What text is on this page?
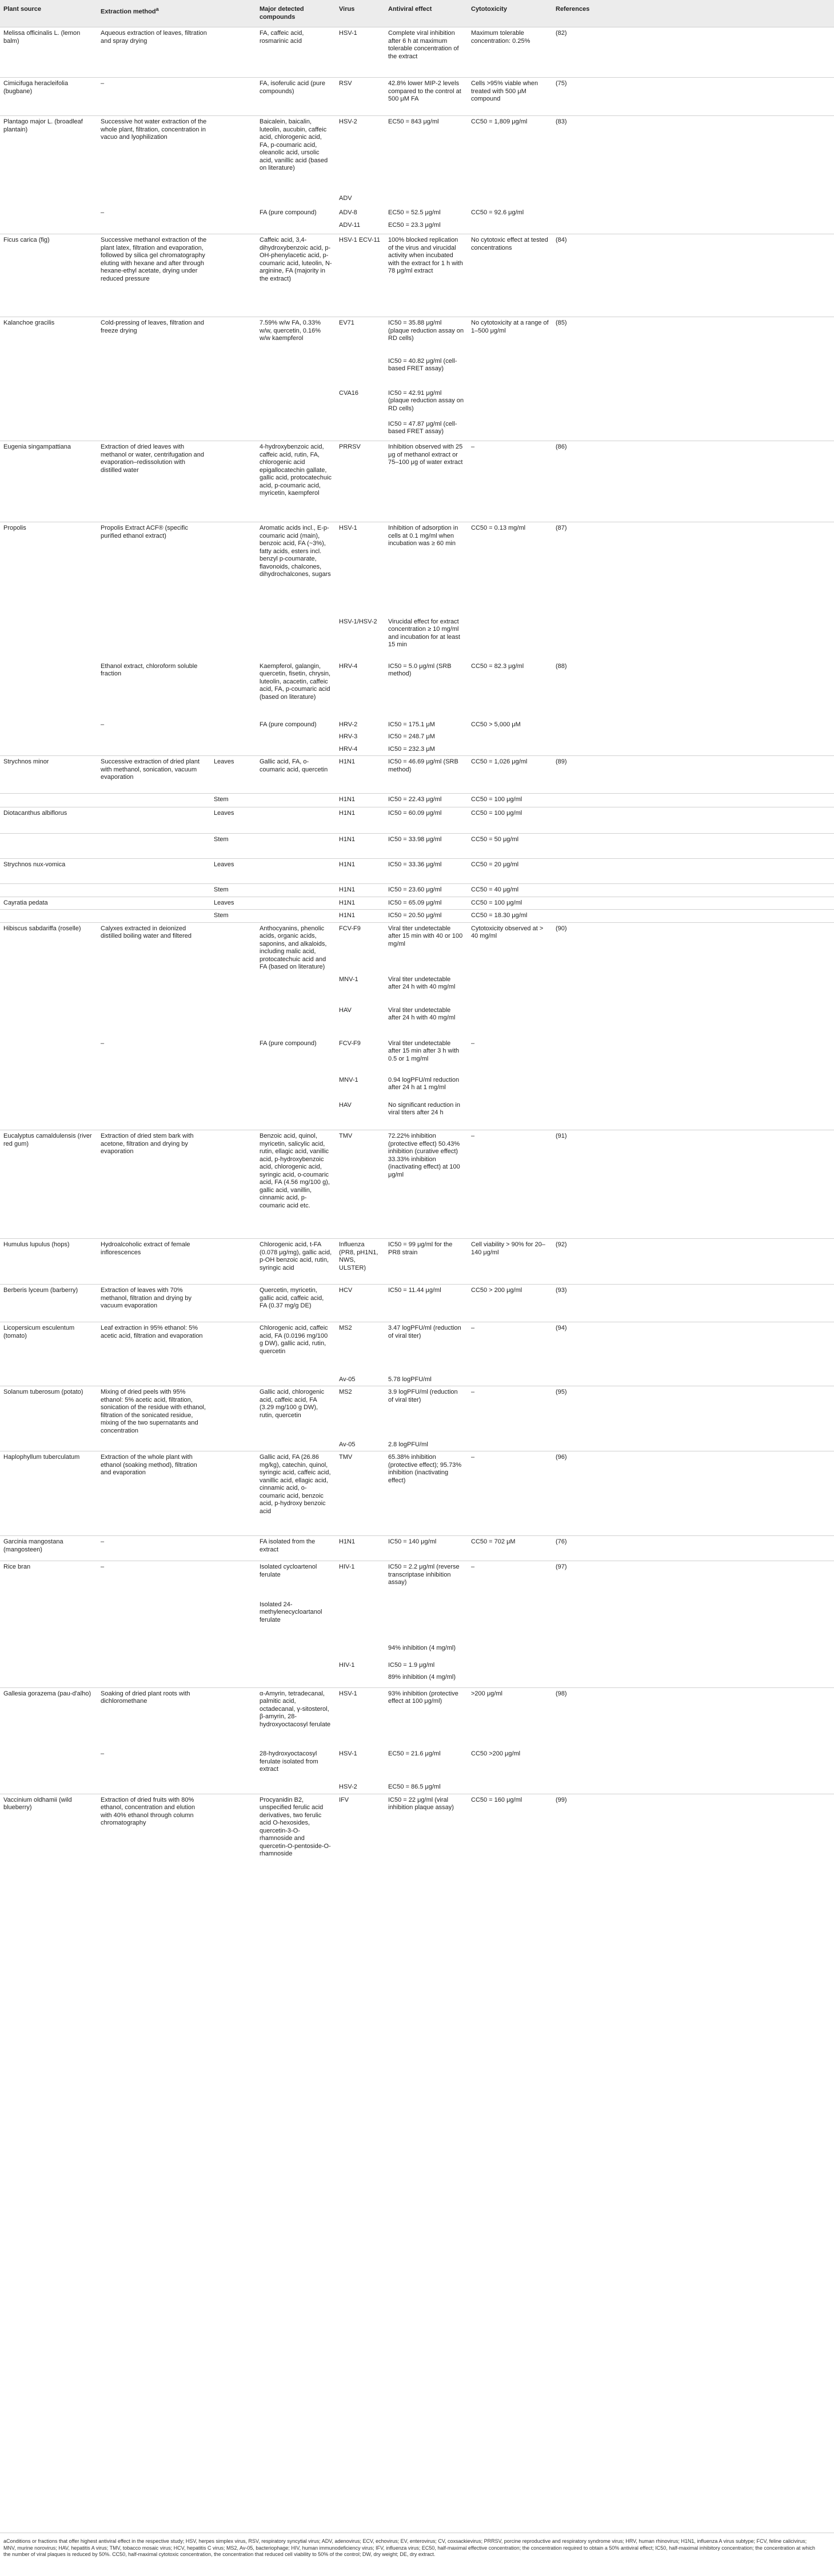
Plant source	Extraction method$^a$		Major detected compounds	Virus	Antiviral effect	Cytotoxicity	References
Melissa officinalis L. (lemon balm)	Aqueous extraction of leaves, filtration and spray drying		FA, caffeic acid, rosmarinic acid	HSV-1	Complete viral inhibition after 6 h at maximum tolerable concentration of the extract	Maximum tolerable concentration: 0.25%	(82)
Cimicifuga heracleifolia (bugbane)	–		FA, isoferulic acid (pure compounds)	RSV	42.8% lower MIP-2 levels compared to the control at 500 μM FA	Cells >95% viable when treated with 500 μM compound	(75)
Plantago major L. (broadleaf plantain)	Successive hot water extraction of the whole plant, filtration, concentration in vacuo and lyophilization		Baicalein, baicalin, luteolin, aucubin, caffeic acid, chlorogenic acid, FA, p-coumaric acid, oleanolic acid, ursolic acid, vanillic acid (based on literature)	HSV-2	EC50 = 843 μg/ml	CC50 = 1,809 μg/ml	(83)
				ADV			
	–		FA (pure compound)	ADV-8	EC50 = 52.5 μg/ml	CC50 = 92.6 μg/ml	
				ADV-11	EC50 = 23.3 μg/ml		
Ficus carica (fig)	Successive methanol extraction of the plant latex, filtration and evaporation, followed by silica gel chromatography eluting with hexane and after through hexane-ethyl acetate, drying under reduced pressure		Caffeic acid, 3,4-dihydroxybenzoic acid, p-OH-phenylacetic acid, p-coumaric acid, luteolin, N-arginine, FA (majority in the extract)	HSV-1 ECV-11	100% blocked replication of the virus and virucidal activity when incubated with the extract for 1 h with 78 μg/ml extract	No cytotoxic effect at tested concentrations	(84)
Kalanchoe gracilis	Cold-pressing of leaves, filtration and freeze drying		7.59% w/w FA, 0.33% w/w, quercetin, 0.16% w/w kaempferol	EV71	IC50 = 35.88 μg/ml (plaque reduction assay on RD cells)	No cytotoxicity at a range of 1–500 μg/ml	(85)
					IC50 = 40.82 μg/ml (cell-based FRET assay)		
				CVA16	IC50 = 42.91 μg/ml (plaque reduction assay on RD cells)		
					IC50 = 47.87 μg/ml (cell-based FRET assay)		
Eugenia singampattiana	Extraction of dried leaves with methanol or water, centrifugation and evaporation–redissolution with distilled water		4-hydroxybenzoic acid, caffeic acid, rutin, FA, chlorogenic acid epigallocatechin gallate, gallic acid, protocatechuic acid, p-coumaric acid, myricetin, kaempferol	PRRSV	Inhibition observed with 25 μg of methanol extract or 75–100 μg of water extract	–	(86)
Propolis	Propolis Extract ACF® (specific purified ethanol extract)		Aromatic acids incl., E-p-coumaric acid (main), benzoic acid, FA (~3%), fatty acids, esters incl. benzyl p-coumarate, flavonoids, chalcones, dihydrochalcones, sugars	HSV-1	Inhibition of adsorption in cells at 0.1 mg/ml when incubation was ≥ 60 min	CC50 = 0.13 mg/ml	(87)
				HSV-1/HSV-2	Virucidal effect for extract concentration ≥ 10 mg/ml and incubation for at least 15 min		
	Ethanol extract, chloroform soluble fraction		Kaempferol, galangin, quercetin, fisetin, chrysin, luteolin, acacetin, caffeic acid, FA, p-coumaric acid (based on literature)	HRV-4	IC50 = 5.0 μg/ml (SRB method)	CC50 = 82.3 μg/ml	(88)
	–		FA (pure compound)	HRV-2	IC50 = 175.1 μM	CC50 > 5,000 μM	
				HRV-3	IC50 = 248.7 μM		
				HRV-4	IC50 = 232.3 μM		
Strychnos minor	Successive extraction of dried plant with methanol, sonication, vacuum evaporation	Leaves	Gallic acid, FA, o-coumaric acid, quercetin	H1N1	IC50 = 46.69 μg/ml (SRB method)	CC50 = 1,026 μg/ml	(89)
		Stem		H1N1	IC50 = 22.43 μg/ml	CC50 = 100 μg/ml	
Diotacanthus albiflorus		Leaves		H1N1	IC50 = 60.09 μg/ml	CC50 = 100 μg/ml	
		Stem		H1N1	IC50 = 33.98 μg/ml	CC50 = 50 μg/ml	
Strychnos nux-vomica		Leaves		H1N1	IC50 = 33.36 μg/ml	CC50 = 20 μg/ml	
		Stem		H1N1	IC50 = 23.60 μg/ml	CC50 = 40 μg/ml	
Cayratia pedata		Leaves		H1N1	IC50 = 65.09 μg/ml	CC50 = 100 μg/ml	
		Stem		H1N1	IC50 = 20.50 μg/ml	CC50 = 18.30 μg/ml	
Hibiscus sabdariffa (roselle)	Calyxes extracted in deionized distilled boiling water and filtered		Anthocyanins, phenolic acids, organic acids, saponins, and alkaloids, including malic acid, protocatechuic acid and FA (based on literature)	FCV-F9	Viral titer undetectable after 15 min with 40 or 100 mg/ml	Cytotoxicity observed at > 40 mg/ml	(90)
				MNV-1	Viral titer undetectable after 24 h with 40 mg/ml		
				HAV	Viral titer undetectable after 24 h with 40 mg/ml		
	–		FA (pure compound)	FCV-F9	Viral titer undetectable after 15 min after 3 h with 0.5 or 1 mg/ml	–	
				MNV-1	0.94 logPFU/ml reduction after 24 h at 1 mg/ml		
				HAV	No significant reduction in viral titers after 24 h		
Eucalyptus camaldulensis (river red gum)	Extraction of dried stem bark with acetone, filtration and drying by evaporation		Benzoic acid, quinol, myricetin, salicylic acid, rutin, ellagic acid, vanillic acid, p-hydroxybenzoic acid, chlorogenic acid, syringic acid, o-coumaric acid, FA (4.56 mg/100 g), gallic acid, vanillin, cinnamic acid, p-coumaric acid etc.	TMV	72.22% inhibition (protective effect) 50.43% inhibition (curative effect) 33.33% inhibition (inactivating effect) at 100 μg/ml	–	(91)
Humulus lupulus (hops)	Hydroalcoholic extract of female inflorescences		Chlorogenic acid, t-FA (0.078 μg/mg), gallic acid, p-OH benzoic acid, rutin, syringic acid	Influenza (PR8, pH1N1, NWS, ULSTER)	IC50 = 99 μg/ml for the PR8 strain	Cell viability > 90% for 20–140 μg/ml	(92)
Berberis lyceum (barberry)	Extraction of leaves with 70% methanol, filtration and drying by vacuum evaporation		Quercetin, myricetin, gallic acid, caffeic acid, FA (0.37 mg/g DE)	HCV	IC50 = 11.44 μg/ml	CC50 > 200 μg/ml	(93)
Licopersicum esculentum (tomato)	Leaf extraction in 95% ethanol: 5% acetic acid, filtration and evaporation		Chlorogenic acid, caffeic acid, FA (0.0196 mg/100 g DW), gallic acid, rutin, quercetin	MS2	3.47 logPFU/ml (reduction of viral titer)	–	(94)
				Av-05	5.78 logPFU/ml		
Solanum tuberosum (potato)	Mixing of dried peels with 95% ethanol: 5% acetic acid, filtration, sonication of the residue with ethanol, filtration of the sonicated residue, mixing of the two supernatants and concentration		Gallic acid, chlorogenic acid, caffeic acid, FA (3.29 mg/100 g DW), rutin, quercetin	MS2	3.9 logPFU/ml (reduction of viral titer)	–	(95)
				Av-05	2.8 logPFU/ml		
Haplophyllum tuberculatum	Extraction of the whole plant with ethanol (soaking method), filtration and evaporation		Gallic acid, FA (26.86 mg/kg), catechin, quinol, syringic acid, caffeic acid, vanillic acid, ellagic acid, cinnamic acid, o-coumaric acid, benzoic acid, p-hydroxy benzoic acid	TMV	65.38% inhibition (protective effect); 95.73% inhibition (inactivating effect)	–	(96)
Garcinia mangostana (mangosteen)	–		FA isolated from the extract	H1N1	IC50 = 140 μg/ml	CC50 = 702 μM	(76)
Rice bran	–		Isolated cycloartenol ferulate	HIV-1	IC50 = 2.2 μg/ml (reverse transcriptase inhibition assay)	–	(97)
			Isolated 24-methylenecycloartanol ferulate				
					94% inhibition (4 mg/ml)		
				HIV-1	IC50 = 1.9 μg/ml		
					89% inhibition (4 mg/ml)		
Gallesia gorazema (pau-d'alho)	Soaking of dried plant roots with dichloromethane		α-Amyrin, tetradecanal, palmitic acid, octadecanal, γ-sitosterol, β-amyrin, 28-hydroxyoctacosyl ferulate	HSV-1	93% inhibition (protective effect at 100 μg/ml)	>200 μg/ml	(98)
	–		28-hydroxyoctacosyl ferulate isolated from extract	HSV-1	EC50 = 21.6 μg/ml	CC50 >200 μg/ml	
				HSV-2	EC50 = 86.5 μg/ml		
Vaccinium oldhamii (wild blueberry)	Extraction of dried fruits with 80% ethanol, concentration and elution with 40% ethanol through column chromatography		Procyanidin B2, unspecified ferulic acid derivatives, two ferulic acid O-hexosides, quercetin-3-O-rhamnoside and quercetin-O-pentoside-O-rhamnoside	IFV	IC50 = 22 μg/ml (viral inhibition plaque assay)	CC50 = 160 μg/ml	(99)
aConditions or fractions that offer highest antiviral effect in the respective study; HSV, herpes simplex virus, RSV, respiratory syncytial virus; ADV, adenovirus; ECV, echovirus; EV, enterovirus; CV, coxsackievirus; PRRSV, porcine reproductive and respiratory syndrome virus; HRV, human rhinovirus; H1N1, influenza A virus subtype; FCV, feline calicivirus; MNV, murine norovirus; HAV, hepatitis A virus; TMV, tobacco mosaic virus; HCV, hepatitis C virus; MS2, Av-05, bacteriophage; HIV, human immunodeficiency virus; IFV, influenza virus; EC50, half-maximal effective concentration; the concentration required to obtain a 50% antiviral effect; IC50, half-maximal inhibitory concentration; the concentration at which the number of viral plaques is reduced by 50%. CC50, half-maximal cytotoxic concentration, the concentration that reduced cell viability to 50% of the control; DW, dry weight; DE, dry extract.
